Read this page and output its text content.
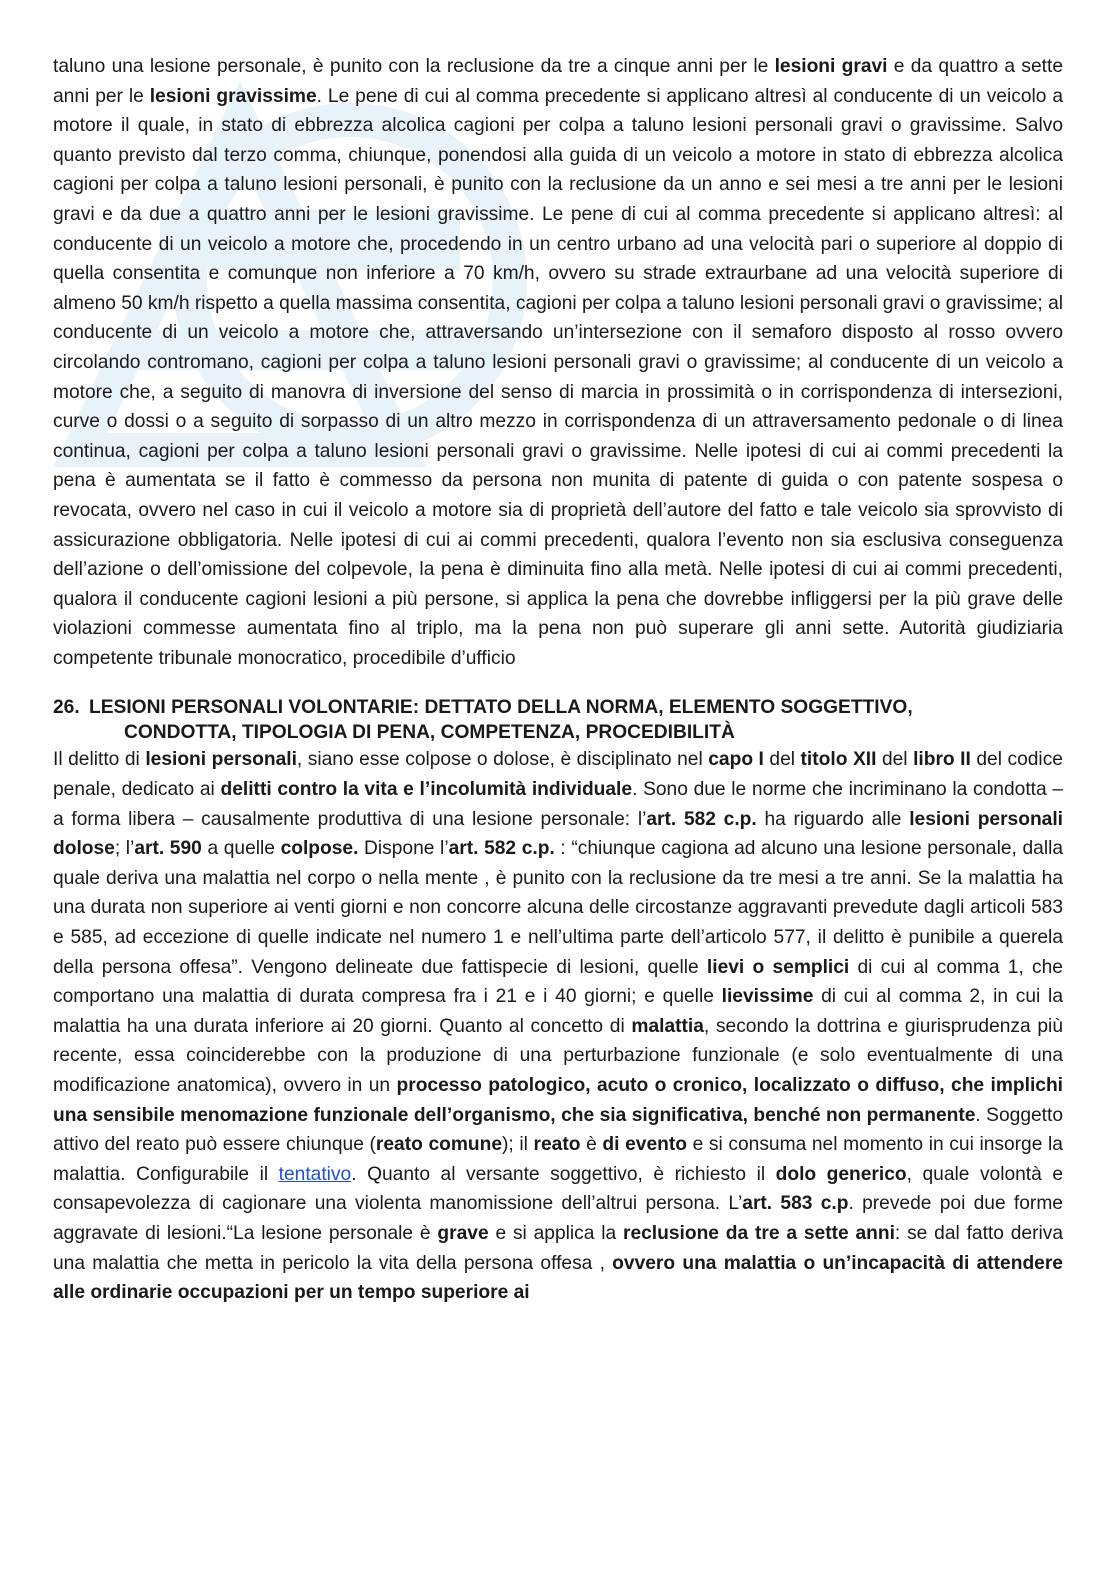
taluno una lesione personale, è punito con la reclusione da tre a cinque anni per le lesioni gravi e da quattro a sette anni per le lesioni gravissime. Le pene di cui al comma precedente si applicano altresì al conducente di un veicolo a motore il quale, in stato di ebbrezza alcolica cagioni per colpa a taluno lesioni personali gravi o gravissime. Salvo quanto previsto dal terzo comma, chiunque, ponendosi alla guida di un veicolo a motore in stato di ebbrezza alcolica cagioni per colpa a taluno lesioni personali, è punito con la reclusione da un anno e sei mesi a tre anni per le lesioni gravi e da due a quattro anni per le lesioni gravissime. Le pene di cui al comma precedente si applicano altresì: al conducente di un veicolo a motore che, procedendo in un centro urbano ad una velocità pari o superiore al doppio di quella consentita e comunque non inferiore a 70 km/h, ovvero su strade extraurbane ad una velocità superiore di almeno 50 km/h rispetto a quella massima consentita, cagioni per colpa a taluno lesioni personali gravi o gravissime; al conducente di un veicolo a motore che, attraversando un’intersezione con il semaforo disposto al rosso ovvero circolando contromano, cagioni per colpa a taluno lesioni personali gravi o gravissime; al conducente di un veicolo a motore che, a seguito di manovra di inversione del senso di marcia in prossimità o in corrispondenza di intersezioni, curve o dossi o a seguito di sorpasso di un altro mezzo in corrispondenza di un attraversamento pedonale o di linea continua, cagioni per colpa a taluno lesioni personali gravi o gravissime. Nelle ipotesi di cui ai commi precedenti la pena è aumentata se il fatto è commesso da persona non munita di patente di guida o con patente sospesa o revocata, ovvero nel caso in cui il veicolo a motore sia di proprietà dell’autore del fatto e tale veicolo sia sprovvisto di assicurazione obbligatoria. Nelle ipotesi di cui ai commi precedenti, qualora l’evento non sia esclusiva conseguenza dell’azione o dell’omissione del colpevole, la pena è diminuita fino alla metà. Nelle ipotesi di cui ai commi precedenti, qualora il conducente cagioni lesioni a più persone, si applica la pena che dovrebbe infliggersi per la più grave delle violazioni commesse aumentata fino al triplo, ma la pena non può superare gli anni sette. Autorità giudiziaria competente tribunale monocratico, procedibile d’ufficio

26. LESIONI PERSONALI VOLONTARIE: DETTATO DELLA NORMA, ELEMENTO SOGGETTIVO,
CONDOTTA, TIPOLOGIA DI PENA, COMPETENZA, PROCEDIBILITÀ

Il delitto di lesioni personali, siano esse colpose o dolose, è disciplinato nel capo I del titolo XII del libro II del codice penale, dedicato ai delitti contro la vita e l’incolumità individuale. Sono due le norme che incriminano la condotta – a forma libera – causalmente produttiva di una lesione personale: l’art. 582 c.p. ha riguardo alle lesioni personali dolose; l’art. 590 a quelle colpose. Dispone l’art. 582 c.p. : “chiunque cagiona ad alcuno una lesione personale, dalla quale deriva una malattia nel corpo o nella mente , è punito con la reclusione da tre mesi a tre anni. Se la malattia ha una durata non superiore ai venti giorni e non concorre alcuna delle circostanze aggravanti prevedute dagli articoli 583 e 585, ad eccezione di quelle indicate nel numero 1 e nell’ultima parte dell’articolo 577, il delitto è punibile a querela della persona offesa”. Vengono delineate due fattispecie di lesioni, quelle lievi o semplici di cui al comma 1, che comportano una malattia di durata compresa fra i 21 e i 40 giorni; e quelle lievissime di cui al comma 2, in cui la malattia ha una durata inferiore ai 20 giorni. Quanto al concetto di malattia, secondo la dottrina e giurisprudenza più recente, essa coinciderebbe con la produzione di una perturbazione funzionale (e solo eventualmente di una modificazione anatomica), ovvero in un processo patologico, acuto o cronico, localizzato o diffuso, che implichi una sensibile menomazione funzionale dell’organismo, che sia significativa, benché non permanente. Soggetto attivo del reato può essere chiunque (reato comune); il reato è di evento e si consuma nel momento in cui insorge la malattia. Configurabile il tentativo. Quanto al versante soggettivo, è richiesto il dolo generico, quale volontà e consapevolezza di cagionare una violenta manomissione dell’altrui persona. L’art. 583 c.p. prevede poi due forme aggravate di lesioni.“La lesione personale è grave e si applica la reclusione da tre a sette anni: se dal fatto deriva una malattia che metta in pericolo la vita della persona offesa , ovvero una malattia o un’incapacità di attendere alle ordinarie occupazioni per un tempo superiore ai
